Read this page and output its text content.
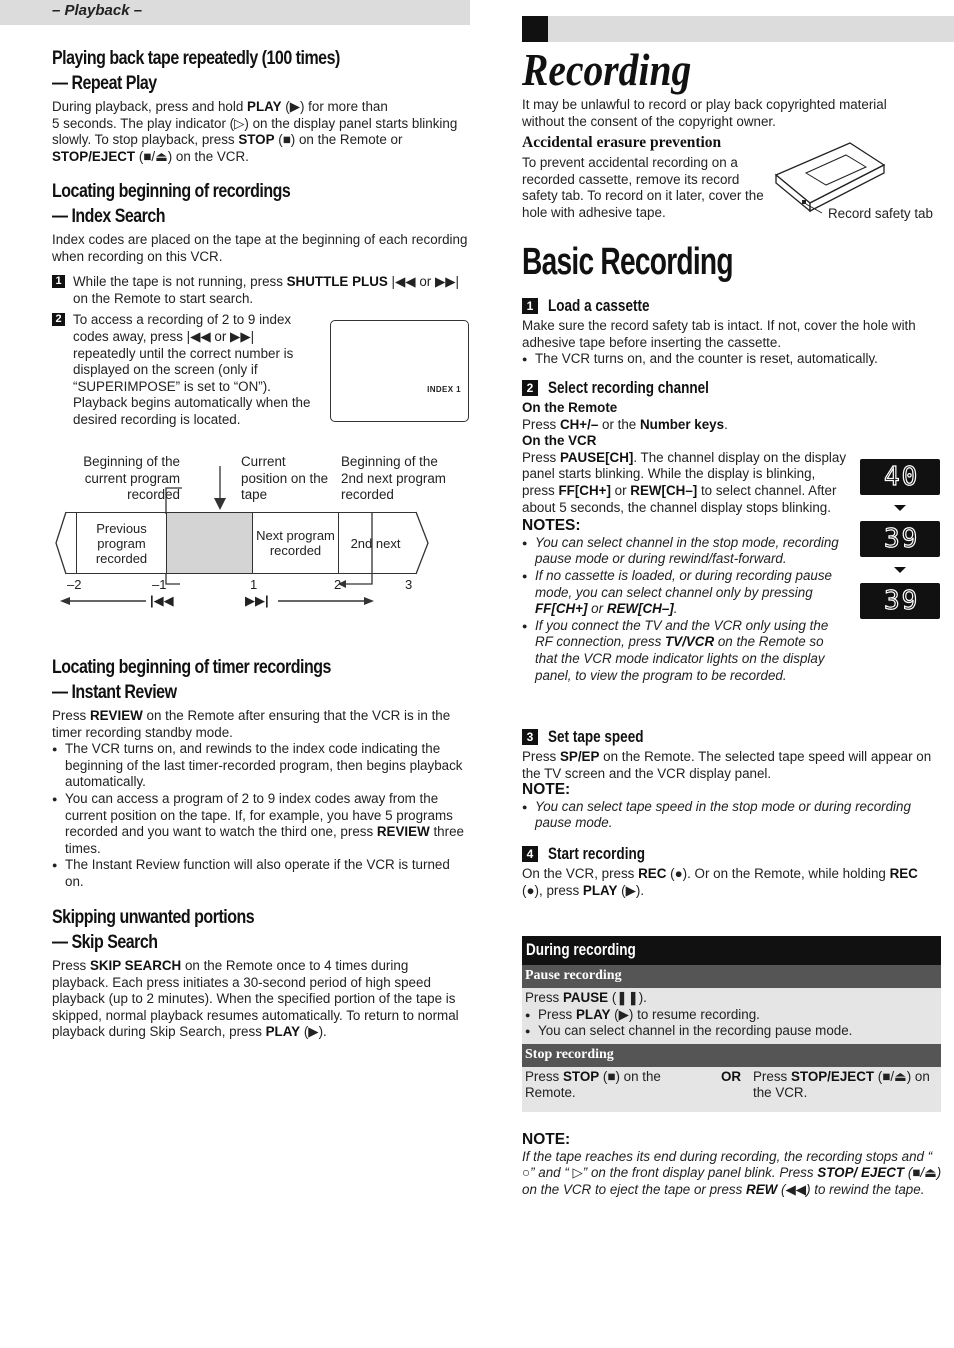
– Playback –
Playing back tape repeatedly (100 times)
— Repeat Play

During playback, press and hold PLAY (▶) for more than
5 seconds. The play indicator (▷) on the display panel starts blinking slowly. To stop playback, press STOP (■) on the Remote or STOP/EJECT (■/⏏) on the VCR.

Locating beginning of recordings
— Index Search

Index codes are placed on the tape at the beginning of each recording when recording on this VCR.

1 While the tape is not running, press SHUTTLE PLUS |◀◀ or ▶▶| on the Remote to start search.

2 To access a recording of 2 to 9 index codes away, press |◀◀ or ▶▶| repeatedly until the correct number is displayed on the screen (only if “SUPERIMPOSE” is set to “ON”). Playback begins automatically when the desired recording is located.

INDEX 1
Beginning of the current program recorded
Current position on the tape
Beginning of the 2nd next program recorded
Previous program recorded
Next program recorded	2nd next
–2	–1	1	2	3
|◀◀	▶▶|
Locating beginning of timer recordings
— Instant Review

Press REVIEW on the Remote after ensuring that the VCR is in the timer recording standby mode.

● The VCR turns on, and rewinds to the index code indicating the beginning of the last timer-recorded program, then begins playback automatically.
● You can access a program of 2 to 9 index codes away from the current position on the tape. If, for example, you have 5 programs recorded and you want to watch the third one, press REVIEW three times.
● The Instant Review function will also operate if the VCR is turned on.
Skipping unwanted portions
— Skip Search

Press SKIP SEARCH on the Remote once to 4 times during playback. Each press initiates a 30-second period of high speed playback (up to 2 minutes). When the specified portion of the tape is skipped, normal playback resumes automatically. To return to normal playback during Skip Search, press PLAY (▶).

Recording

It may be unlawful to record or play back copyrighted material without the consent of the copyright owner.

Accidental erasure prevention

To prevent accidental recording on a recorded cassette, remove its record safety tab. To record on it later, cover the hole with adhesive tape.	Record safety tab
Basic Recording
1 Load a cassette

Make sure the record safety tab is intact. If not, cover the hole with adhesive tape before inserting the cassette.

● The VCR turns on, and the counter is reset, automatically.
2 Select recording channel

On the Remote

Press CH+/– or the Number keys.

On the VCR

Press PAUSE[CH]. The channel display on the display panel starts blinking. While the display is blinking, press FF[CH+] or REW[CH–] to select channel. After about 5 seconds, the channel display stops blinking.

NOTES:
● You can select channel in the stop mode, recording pause mode or during rewind/fast-forward.
● If no cassette is loaded, or during recording pause mode, you can select channel only by pressing FF[CH+] or REW[CH–].
● If you connect the TV and the VCR only using the RF connection, press TV/VCR on the Remote so that the VCR mode indicator lights on the display panel, to view the program to be recorded.
40
39
39
3 Set tape speed

Press SP/EP on the Remote. The selected tape speed will appear on the TV screen and the VCR display panel.

NOTE:
● You can select tape speed in the stop mode or during recording pause mode.
4 Start recording

On the VCR, press REC (●). Or on the Remote, while holding REC (●), press PLAY (▶).

During recording
Pause recording

Press PAUSE (❚❚).

● Press PLAY (▶) to resume recording.
● You can select channel in the recording pause mode.

Stop recording
Press STOP (■) on the Remote.	OR	Press STOP/EJECT (■/⏏) on the VCR.
NOTE:

If the tape reaches its end during recording, the recording stops and “ ○” and “ ▷” on the front display panel blink. Press STOP/ EJECT (■/⏏) on the VCR to eject the tape or press REW (◀◀) to rewind the tape.
